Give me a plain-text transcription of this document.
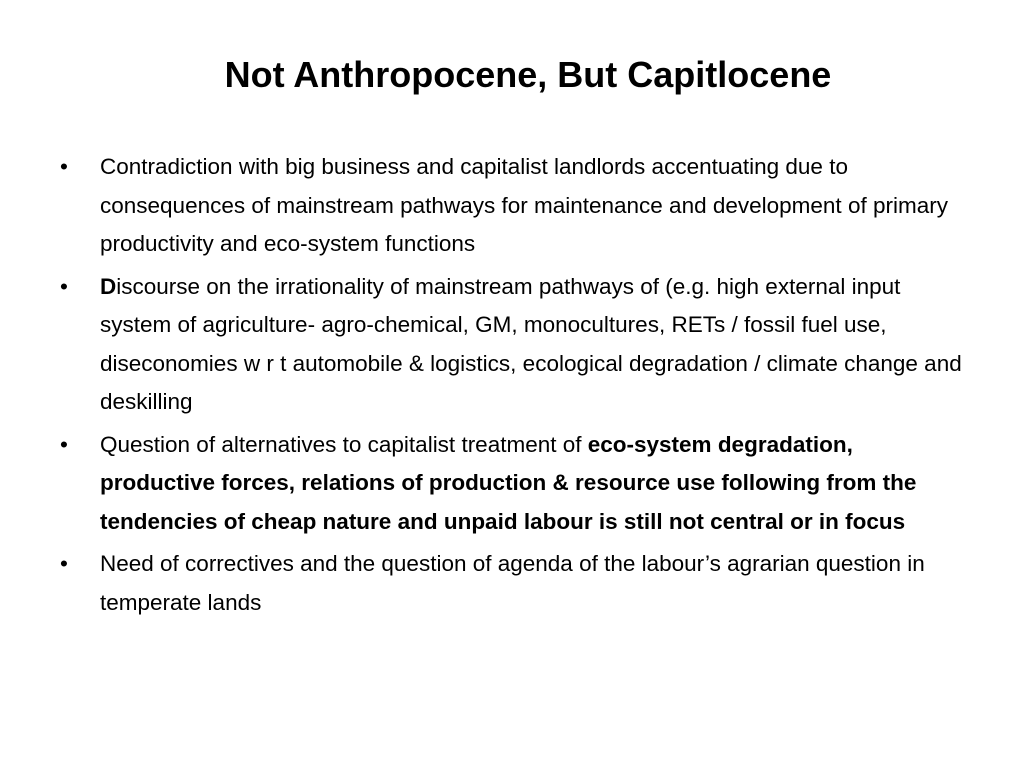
Not Anthropocene, But Capitlocene
•	Contradiction with big business and capitalist landlords accentuating due to consequences of mainstream pathways for maintenance and development of primary productivity and eco-system functions
•	Discourse on the irrationality of mainstream pathways of (e.g. high external input system of agriculture- agro-chemical, GM, monocultures, RETs / fossil fuel use, diseconomies w r t automobile & logistics, ecological degradation / climate change and deskilling
•	Question of alternatives to capitalist treatment of eco-system degradation, productive forces, relations of production & resource use following from the tendencies of cheap nature and unpaid labour is still not central or in focus
•	Need of correctives and the question of agenda of the labour’s agrarian question in temperate lands
